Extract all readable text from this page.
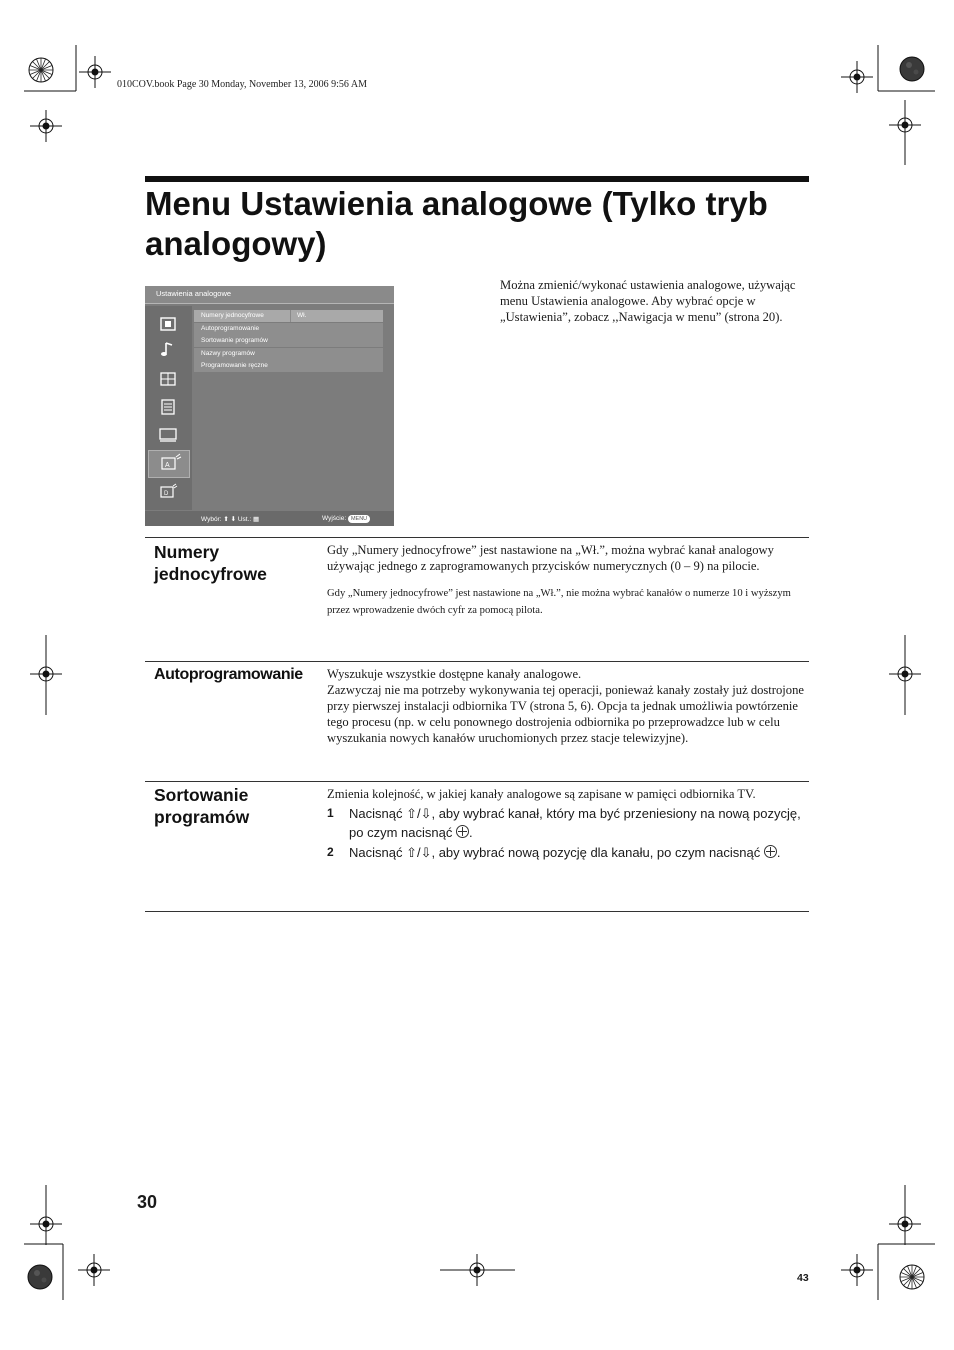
010COV.book Page 30 Monday, November 13, 2006 9:56 AM
Menu Ustawienia analogowe (Tylko tryb analogowy)
Ustawienia analogowe
A
D
Numery jednocyfrowe	Wł.
Autoprogramowanie
Sortowanie programów
Nazwy programów
Programowanie ręczne
Wybór: ⬆ ⬇ Ust.: ▦	Wyjście: MENU
Można zmienić/wykonać ustawienia analogowe, używając menu Ustawienia analogowe. Aby wybrać opcje w „Ustawienia”, zobacz ,,Nawigacja w menu” (strona 20).
Numery
jednocyfrowe
Gdy „Numery jednocyfrowe” jest nastawione na „Wł.”, można wybrać kanał analogowy używając jednego z zaprogramowanych przycisków numerycznych (0 – 9) na pilocie.
Gdy „Numery jednocyfrowe” jest nastawione na „Wł.”, nie można wybrać kanałów o numerze 10 i wyższym przez wprowadzenie dwóch cyfr za pomocą pilota.
Autoprogramowanie Wyszukuje wszystkie dostępne kanały analogowe.
Zazwyczaj nie ma potrzeby wykonywania tej operacji, ponieważ kanały zostały już dostrojone przy pierwszej instalacji odbiornika TV (strona 5, 6). Opcja ta jednak umożliwia powtórzenie tego procesu (np. w celu ponownego dostrojenia odbiornika po przeprowadzce lub w celu wyszukania nowych kanałów uruchomionych przez stacje telewizyjne).
Sortowanie
programów
Zmienia kolejność, w jakiej kanały analogowe są zapisane w pamięci odbiornika TV.
1 Nacisnąć ⇧/⇩, aby wybrać kanał, który ma być przeniesiony na nową pozycję, po czym nacisnąć .
2 Nacisnąć ⇧/⇩, aby wybrać nową pozycję dla kanału, po czym nacisnąć .
30
43
